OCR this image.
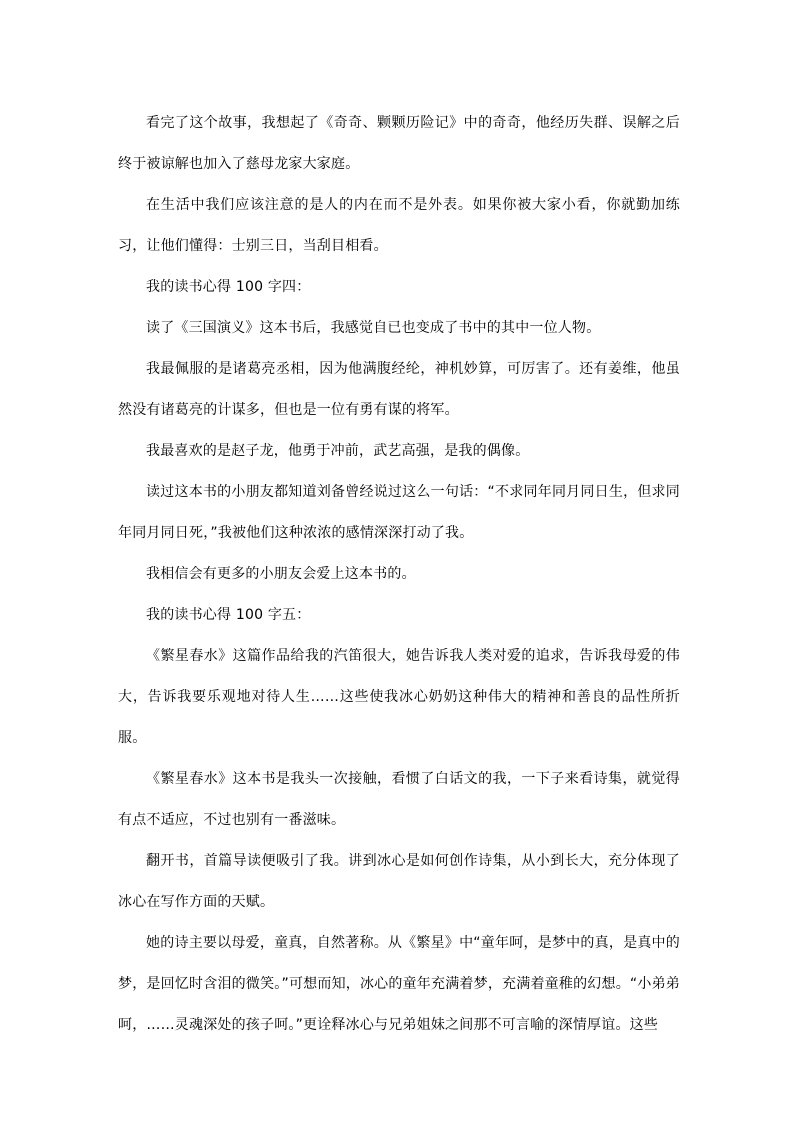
看完了这个故事，我想起了《奇奇、颗颗历险记》中的奇奇，他经历失群、误解之后终于被谅解也加入了慈母龙家大家庭。

在生活中我们应该注意的是人的内在而不是外表。如果你被大家小看，你就勤加练习，让他们懂得：士别三日，当刮目相看。

我的读书心得 100 字四：

读了《三国演义》这本书后，我感觉自已也变成了书中的其中一位人物。

我最佩服的是诸葛亮丞相，因为他满腹经纶，神机妙算，可厉害了。还有姜维，他虽然没有诸葛亮的计谋多，但也是一位有勇有谋的将军。

我最喜欢的是赵子龙，他勇于冲前，武艺高强，是我的偶像。

读过这本书的小朋友都知道刘备曾经说过这么一句话：“不求同年同月同日生，但求同年同月同日死，”我被他们这种浓浓的感情深深打动了我。

我相信会有更多的小朋友会爱上这本书的。

我的读书心得 100 字五：

《繁星春水》这篇作品给我的汽笛很大，她告诉我人类对爱的追求，告诉我母爱的伟大，告诉我要乐观地对待人生……这些使我冰心奶奶这种伟大的精神和善良的品性所折服。

《繁星春水》这本书是我头一次接触，看惯了白话文的我，一下子来看诗集，就觉得有点不适应，不过也别有一番滋味。

翻开书，首篇导读便吸引了我。讲到冰心是如何创作诗集，从小到长大，充分体现了冰心在写作方面的天赋。

她的诗主要以母爱，童真，自然著称。从《繁星》中“童年呵，是梦中的真，是真中的梦，是回忆时含泪的微笑。”可想而知，冰心的童年充满着梦，充满着童稚的幻想。“小弟弟呵，……灵魂深处的孩子呵。”更诠释冰心与兄弟姐妹之间那不可言喻的深情厚谊。这些
